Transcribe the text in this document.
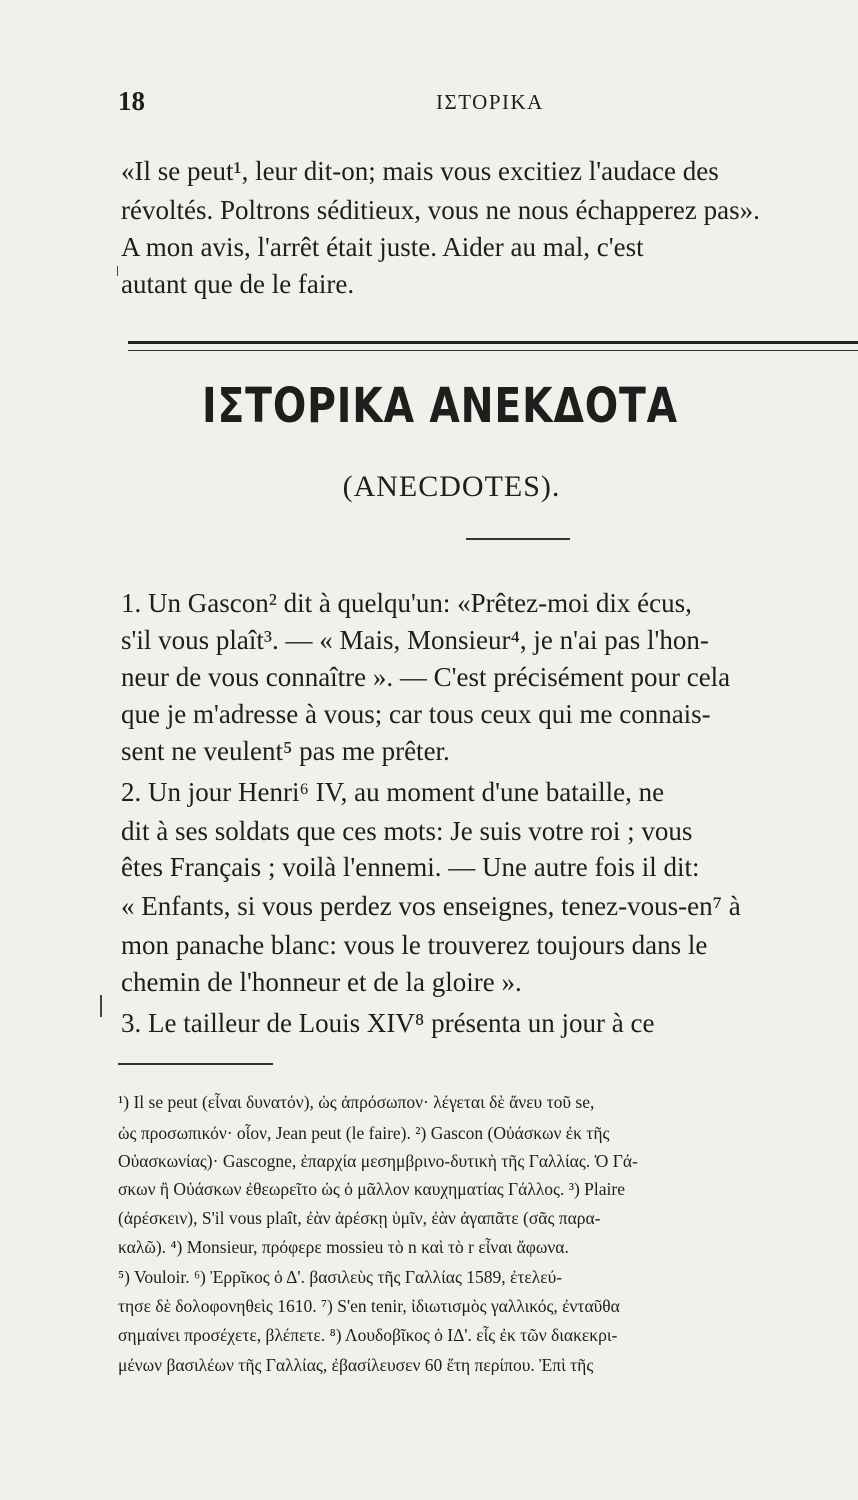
18	ΙΣΤΟΡΙΚΑ
«Il se peut¹, leur dit-on; mais vous excitiez l'audace des
révoltés. Poltrons séditieux, vous ne nous échapperez pas».
A mon avis, l'arrêt était juste. Aider au mal, c'est
autant que de le faire.
ΙΣΤΟΡΙΚΑ ΑΝΕΚΔΟΤΑ
(ANECDOTES).
1. Un Gascon² dit à quelqu'un: «Prêtez-moi dix écus,
s'il vous plaît³. — « Mais, Monsieur⁴, je n'ai pas l'hon-
neur de vous connaître ». — C'est précisément pour cela
que je m'adresse à vous; car tous ceux qui me connais-
sent ne veulent⁵ pas me prêter.
2. Un jour Henri⁶ IV, au moment d'une bataille, ne
dit à ses soldats que ces mots: Je suis votre roi ; vous
êtes Français ; voilà l'ennemi. — Une autre fois il dit:
« Enfants, si vous perdez vos enseignes, tenez-vous-en⁷ à
mon panache blanc: vous le trouverez toujours dans le
chemin de l'honneur et de la gloire ».
3. Le tailleur de Louis XIV⁸ présenta un jour à ce
¹) Il se peut (εἶναι δυνατόν), ὡς ἀπρόσωπον· λέγεται δὲ ἄνευ τοῦ se,
ὡς προσωπικόν· οἷον, Jean peut (le faire). ²) Gascon (Οὐάσκων ἐκ τῆς
Οὐασκωνίας)· Gascogne, ἐπαρχία μεσημβρινο-δυτικὴ τῆς Γαλλίας. Ὁ Γά-
σκων ἢ Οὐάσκων ἐθεωρεῖτο ὡς ὁ μᾶλλον καυχηματίας Γάλλος. ³) Plaire
(ἀρέσκειν), S'il vous plaît, ἐὰν ἀρέσκῃ ὑμῖν, ἐὰν ἀγαπᾶτε (σᾶς παρα-
καλῶ). ⁴) Monsieur, πρόφερε mossieu τὸ n καὶ τὸ r εἶναι ἄφωνα.
⁵) Vouloir. ⁶) Ἐρρῖκος ὁ Δ'. βασιλεὺς τῆς Γαλλίας 1589, ἐτελεύ-
τησε δὲ δολοφονηθεὶς 1610. ⁷) S'en tenir, ἰδιωτισμὸς γαλλικός, ἐνταῦθα
σημαίνει προσέχετε, βλέπετε. ⁸) Λουδοβῖκος ὁ ΙΔ'. εἷς ἐκ τῶν διακεκρι-
μένων βασιλέων τῆς Γαλλίας, ἐβασίλευσεν 60 ἔτη περίπου. Ἐπὶ τῆς
